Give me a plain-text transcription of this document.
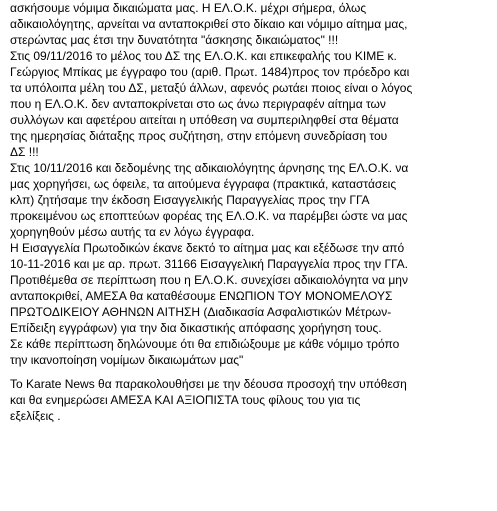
ασκήσουμε νόμιμα δικαιώματα μας. Η ΕΛ.Ο.Κ. μέχρι σήμερα, όλως
αδικαιολόγητης, αρνείται να ανταποκριθεί στο δίκαιο και νόμιμο αίτημα μας,
στερώντας μας έτσι την δυνατότητα "άσκησης δικαιώματος" !!!
Στις 09/11/2016 το μέλος του ΔΣ της ΕΛ.Ο.Κ. και επικεφαλής του ΚΙΜΕ κ.
Γεώργιος Μπίκας με έγγραφο του (αριθ. Πρωτ. 1484)προς τον πρόεδρο και
τα υπόλοιπα μέλη του ΔΣ, μεταξύ άλλων, αφενός ρωτάει ποιος είναι ο λόγος
που η ΕΛ.Ο.Κ. δεν ανταποκρίνεται στο ως άνω περιγραφέν αίτημα των
συλλόγων και αφετέρου αιτείται η υπόθεση να συμπεριληφθεί στα θέματα
της ημερησίας διάταξης προς συζήτηση, στην επόμενη συνεδρίαση του
ΔΣ !!!
Στις 10/11/2016 και δεδομένης της αδικαιολόγητης άρνησης της ΕΛ.Ο.Κ. να
μας χορηγήσει, ως όφειλε, τα αιτούμενα έγγραφα (πρακτικά, καταστάσεις
κλπ) ζητήσαμε την έκδοση Εισαγγελικής Παραγγελίας προς την ΓΓΑ
προκειμένου ως εποπτεύων φορέας της ΕΛ.Ο.Κ. να παρέμβει ώστε να μας
χορηγηθούν μέσω αυτής τα εν λόγω έγγραφα.
Η Εισαγγελία Πρωτοδικών έκανε δεκτό το αίτημα μας και εξέδωσε την από
10-11-2016 και με αρ. πρωτ. 31166 Εισαγγελική Παραγγελία προς την ΓΓΑ.
Προτιθέμεθα σε περίπτωση που η ΕΛ.Ο.Κ. συνεχίσει αδικαιολόγητα να μην
ανταποκριθεί, ΑΜΕΣΑ θα καταθέσουμε ΕΝΩΠΙΟΝ ΤΟΥ ΜΟΝΟΜΕΛΟΥΣ
ΠΡΩΤΟΔΙΚΕΙΟΥ ΑΘΗΝΩΝ ΑΙΤΗΣΗ (Διαδικασία Ασφαλιστικών Μέτρων-
Επίδειξη εγγράφων) για την δια δικαστικής απόφασης χορήγηση τους.
Σε κάθε περίπτωση δηλώνουμε ότι θα επιδιώξουμε με κάθε νόμιμο τρόπο
την ικανοποίηση νομίμων δικαιωμάτων μας"
Το Karate News θα παρακολουθήσει με την δέουσα προσοχή την υπόθεση
και θα ενημερώσει ΑΜΕΣΑ ΚΑΙ ΑΞΙΟΠΙΣΤΑ τους φίλους του για τις
εξελίξεις .
